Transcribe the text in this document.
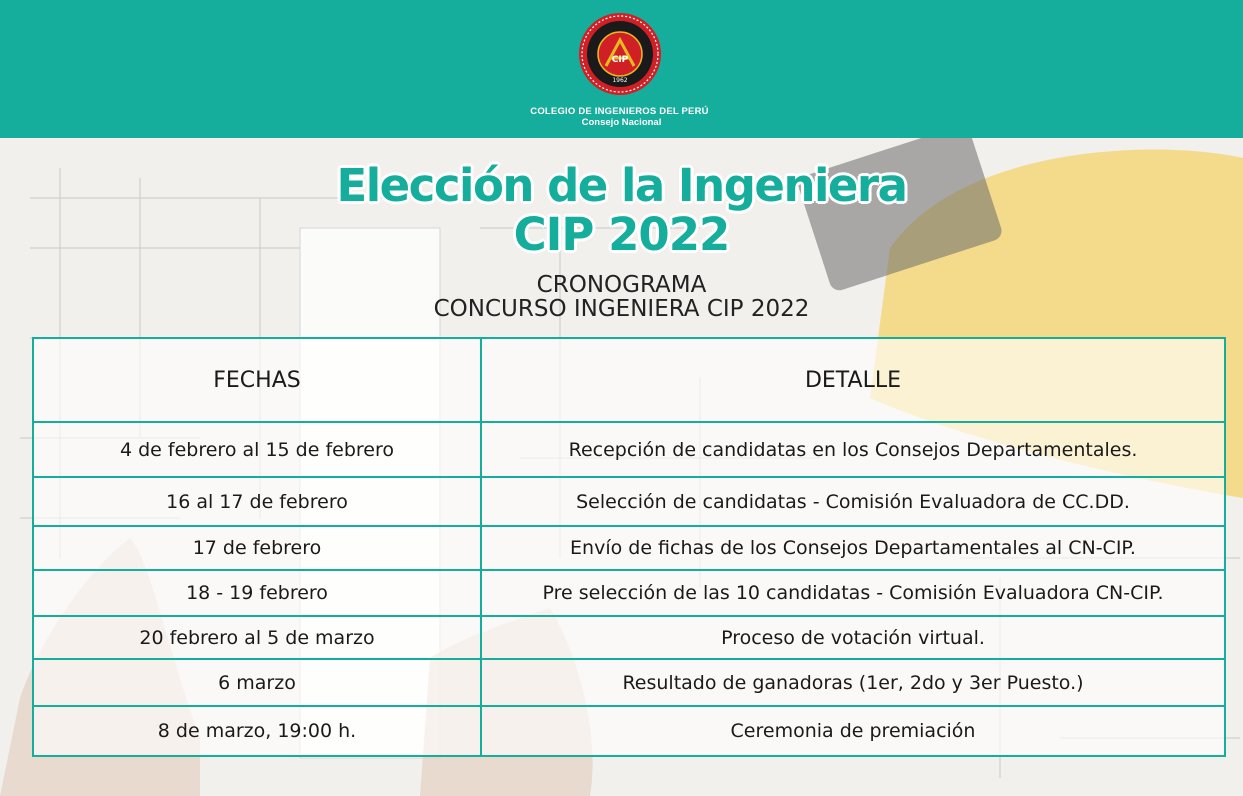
CIP
1962
COLEGIO DE INGENIEROS DEL PERÚ
Consejo Nacional
Elección de la Ingeniera
CIP 2022
CRONOGRAMA
CONCURSO INGENIERA CIP 2022
FECHAS	DETALLE
4 de febrero al 15 de febrero	Recepción de candidatas en los Consejos Departamentales.
16 al 17 de febrero	Selección de candidatas - Comisión Evaluadora de CC.DD.
17 de febrero	Envío de fichas de los Consejos Departamentales al CN-CIP.
18 - 19 febrero	Pre selección de las 10 candidatas - Comisión Evaluadora CN-CIP.
20 febrero al 5 de marzo	Proceso de votación virtual.
6 marzo	Resultado de ganadoras (1er, 2do y 3er Puesto.)
8 de marzo, 19:00 h.	Ceremonia de premiación
